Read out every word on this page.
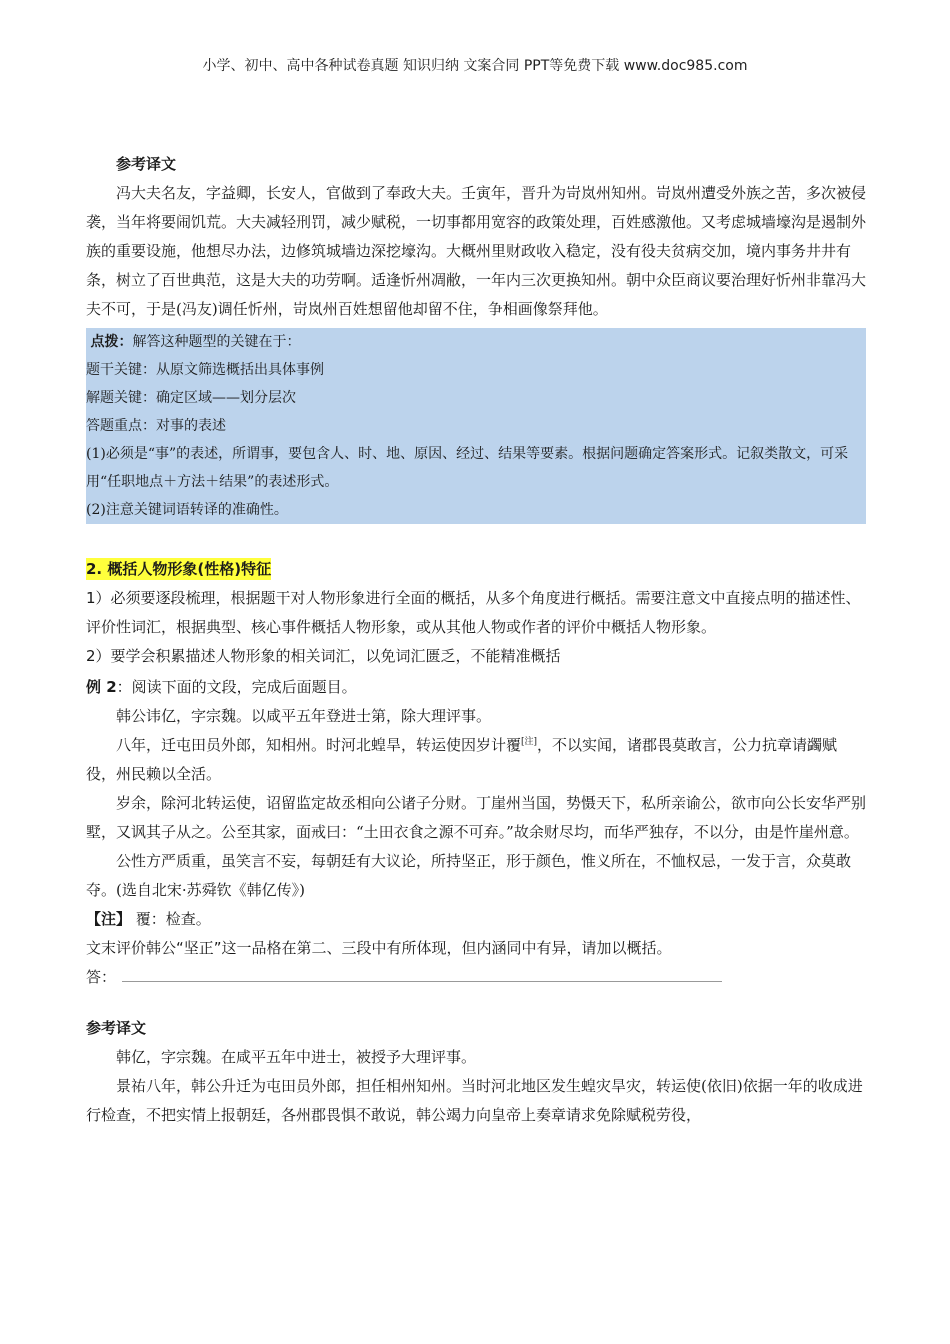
小学、初中、高中各种试卷真题 知识归纳 文案合同 PPT等免费下载 www.doc985.com

参考译文

冯大夫名友，字益卿，长安人，官做到了奉政大夫。壬寅年，晋升为岢岚州知州。岢岚州遭受外族之苦，多次被侵袭，当年将要闹饥荒。大夫减轻刑罚，减少赋税，一切事都用宽容的政策处理，百姓感激他。又考虑城墙壕沟是遏制外族的重要设施，他想尽办法，边修筑城墙边深挖壕沟。大概州里财政收入稳定，没有役夫贫病交加，境内事务井井有条，树立了百世典范，这是大夫的功劳啊。适逢忻州凋敝，一年内三次更换知州。朝中众臣商议要治理好忻州非靠冯大夫不可，于是(冯友)调任忻州，岢岚州百姓想留他却留不住，争相画像祭拜他。

点拨：解答这种题型的关键在于：

题干关键：从原文筛选概括出具体事例

解题关键：确定区域——划分层次

答题重点：对事的表述

(1)必须是“事”的表述，所谓事，要包含人、时、地、原因、经过、结果等要素。根据问题确定答案形式。记叙类散文，可采用“任职地点＋方法＋结果”的表述形式。

(2)注意关键词语转译的准确性。

2. 概括人物形象(性格)特征

1）必须要逐段梳理，根据题干对人物形象进行全面的概括，从多个角度进行概括。需要注意文中直接点明的描述性、评价性词汇，根据典型、核心事件概括人物形象，或从其他人物或作者的评价中概括人物形象。

2）要学会积累描述人物形象的相关词汇，以免词汇匮乏，不能精准概括

例 2：阅读下面的文段，完成后面题目。

韩公讳亿，字宗魏。以咸平五年登进士第，除大理评事。

八年，迁屯田员外郎，知相州。时河北蝗旱，转运使因岁计覆[注]，不以实闻，诸郡畏莫敢言，公力抗章请蠲赋役，州民赖以全活。

岁余，除河北转运使，诏留监定故丞相向公诸子分财。丁崖州当国，势慑天下，私所亲谕公，欲市向公长安华严别墅，又讽其子从之。公至其家，面戒曰：“土田衣食之源不可弃。”故余财尽均，而华严独存，不以分，由是忤崖州意。

公性方严质重，虽笑言不妄，每朝廷有大议论，所持坚正，形于颜色，惟义所在，不恤权忌，一发于言，众莫敢夺。(选自北宋·苏舜钦《韩亿传》)

【注】 覆：检查。

文末评价韩公“坚正”这一品格在第二、三段中有所体现，但内涵同中有异，请加以概括。

答：

参考译文

韩亿，字宗魏。在咸平五年中进士，被授予大理评事。

景祐八年，韩公升迁为屯田员外郎，担任相州知州。当时河北地区发生蝗灾旱灾，转运使(依旧)依据一年的收成进行检查，不把实情上报朝廷，各州郡畏惧不敢说，韩公竭力向皇帝上奏章请求免除赋税劳役，
